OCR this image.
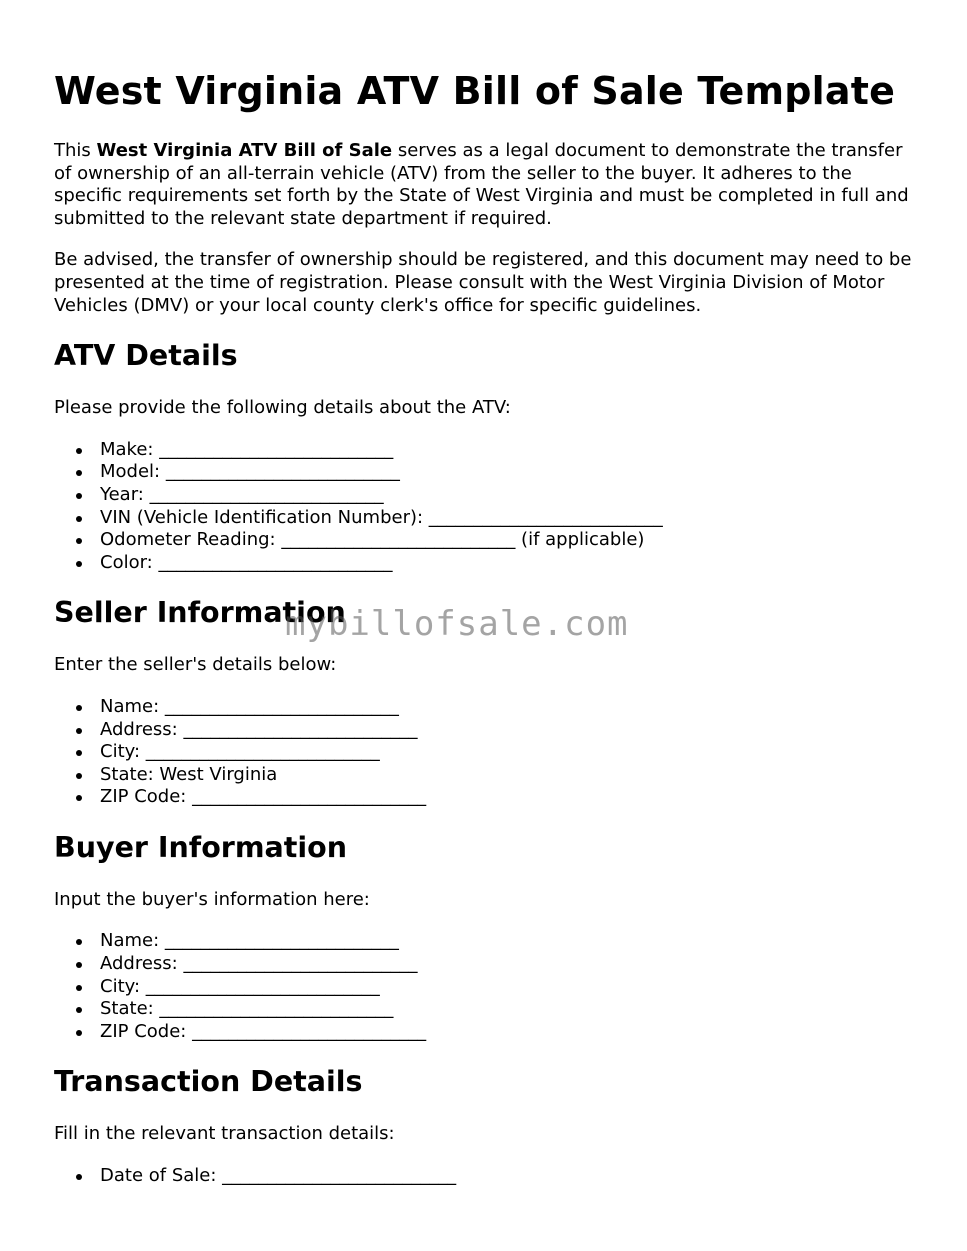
West Virginia ATV Bill of Sale Template

This West Virginia ATV Bill of Sale serves as a legal document to demonstrate the transfer of ownership of an all-terrain vehicle (ATV) from the seller to the buyer. It adheres to the specific requirements set forth by the State of West Virginia and must be completed in full and submitted to the relevant state department if required.

Be advised, the transfer of ownership should be registered, and this document may need to be presented at the time of registration. Please consult with the West Virginia Division of Motor Vehicles (DMV) or your local county clerk's office for specific guidelines.

ATV Details

Please provide the following details about the ATV:

Make: __________________________
Model: __________________________
Year: __________________________
VIN (Vehicle Identification Number): __________________________
Odometer Reading: __________________________ (if applicable)
Color: __________________________
Seller Information

Enter the seller's details below:

Name: __________________________
Address: __________________________
City: __________________________
State: West Virginia
ZIP Code: __________________________
Buyer Information

Input the buyer's information here:

Name: __________________________
Address: __________________________
City: __________________________
State: __________________________
ZIP Code: __________________________
Transaction Details

Fill in the relevant transaction details:

Date of Sale: __________________________
mybillofsale.com
